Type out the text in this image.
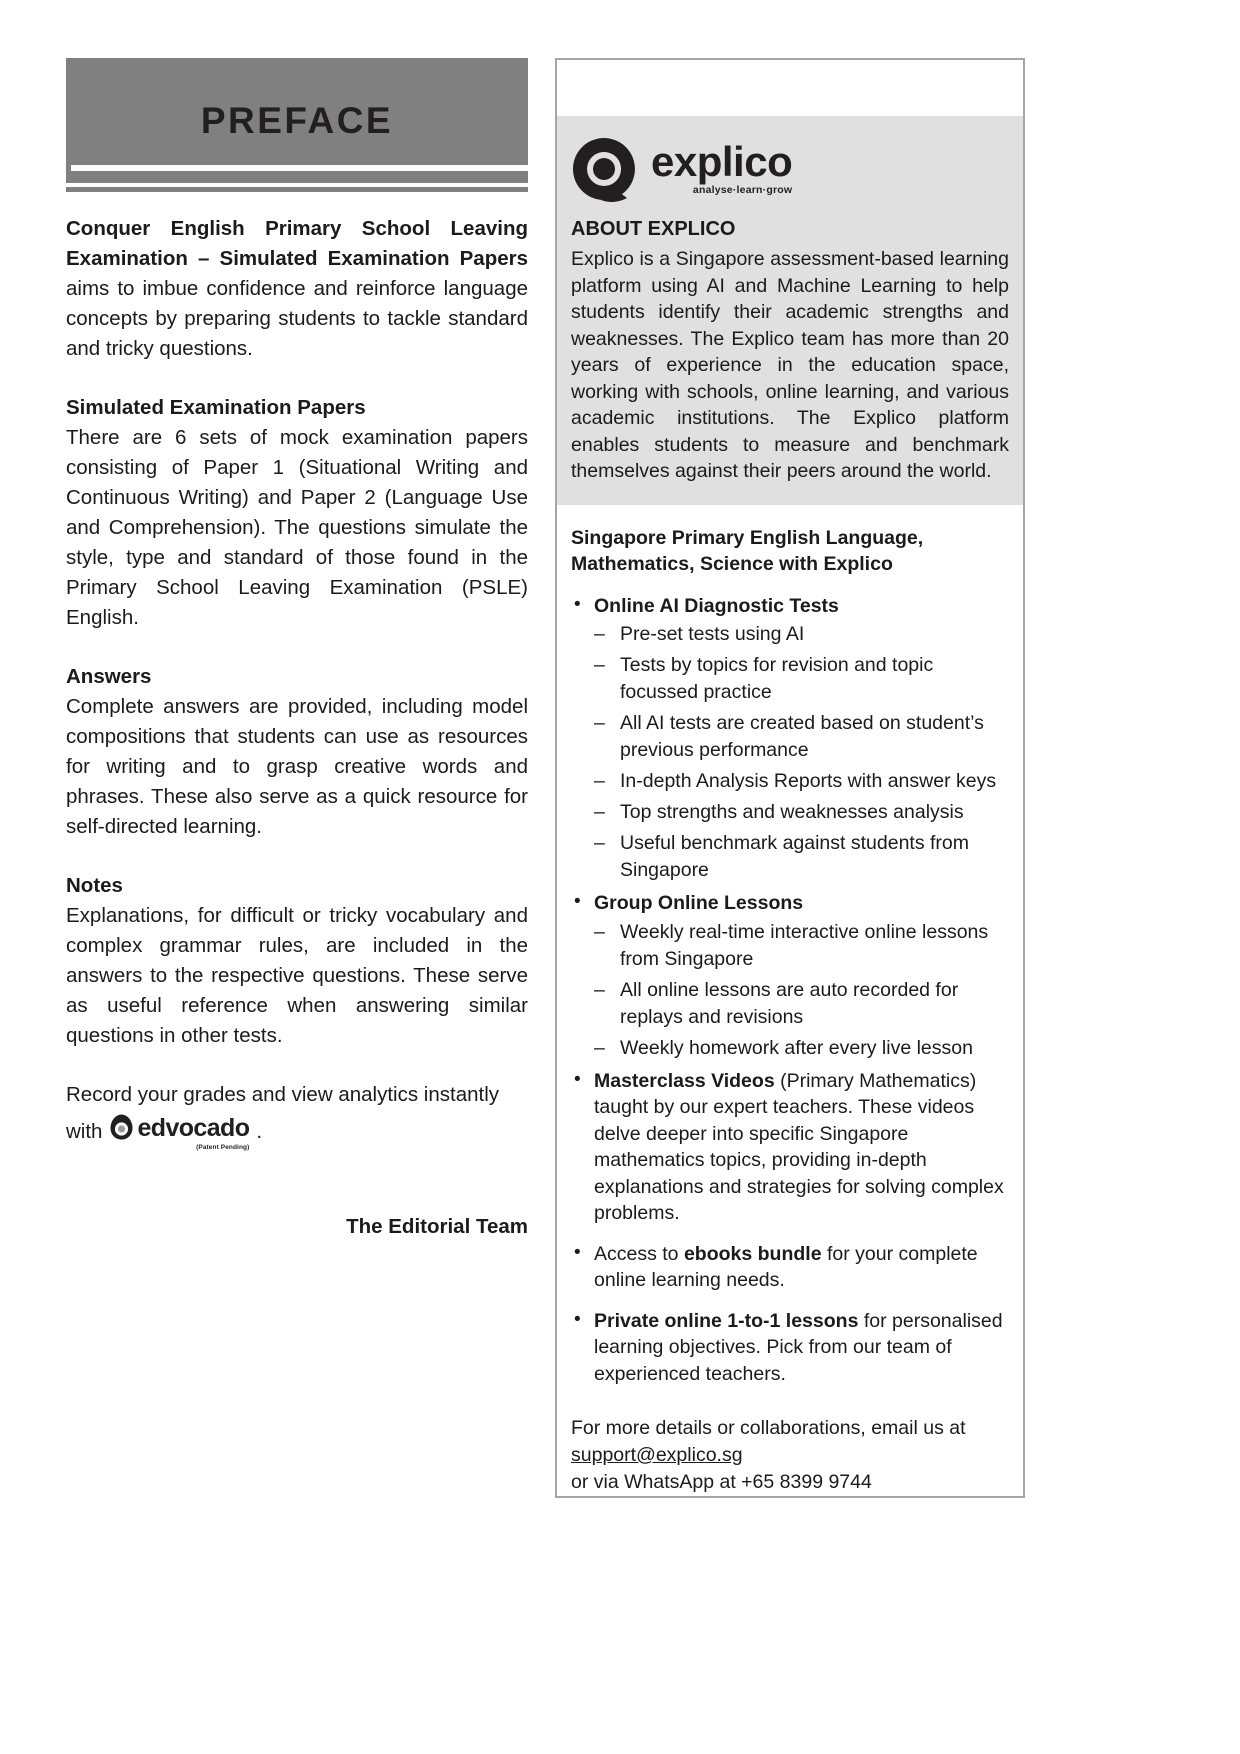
PREFACE

Conquer English Primary School Leaving Examination – Simulated Examination Papers aims to imbue confidence and reinforce language concepts by preparing students to tackle standard and tricky questions.

Simulated Examination Papers

There are 6 sets of mock examination papers consisting of Paper 1 (Situational Writing and Continuous Writing) and Paper 2 (Language Use and Comprehension). The questions simulate the style, type and standard of those found in the Primary School Leaving Examination (PSLE) English.

Answers

Complete answers are provided, including model compositions that students can use as resources for writing and to grasp creative words and phrases. These also serve as a quick resource for self-directed learning.

Notes

Explanations, for difficult or tricky vocabulary and complex grammar rules, are included in the answers to the respective questions. These serve as useful reference when answering similar questions in other tests.

Record your grades and view analytics instantly

with edvocado
(Patent Pending)
.
The Editorial Team
explico
analyse·learn·grow
ABOUT EXPLICO

Explico is a Singapore assessment-based learning platform using AI and Machine Learning to help students identify their academic strengths and weaknesses. The Explico team has more than 20 years of experience in the education space, working with schools, online learning, and various academic institutions. The Explico platform enables students to measure and benchmark themselves against their peers around the world.

Singapore Primary English Language, Mathematics, Science with Explico
• Online AI Diagnostic Tests
– Pre-set tests using AI
– Tests by topics for revision and topic focussed practice
– All AI tests are created based on student’s previous performance
– In-depth Analysis Reports with answer keys
– Top strengths and weaknesses analysis
– Useful benchmark against students from Singapore
• Group Online Lessons
– Weekly real-time interactive online lessons from Singapore
– All online lessons are auto recorded for replays and revisions
– Weekly homework after every live lesson
• Masterclass Videos (Primary Mathematics) taught by our expert teachers. These videos delve deeper into specific Singapore mathematics topics, providing in-depth explanations and strategies for solving complex problems.
• Access to ebooks bundle for your complete online learning needs.
• Private online 1-to-1 lessons for personalised learning objectives. Pick from our team of experienced teachers.
For more details or collaborations, email us at
support@explico.sg
or via WhatsApp at +65 8399 9744
